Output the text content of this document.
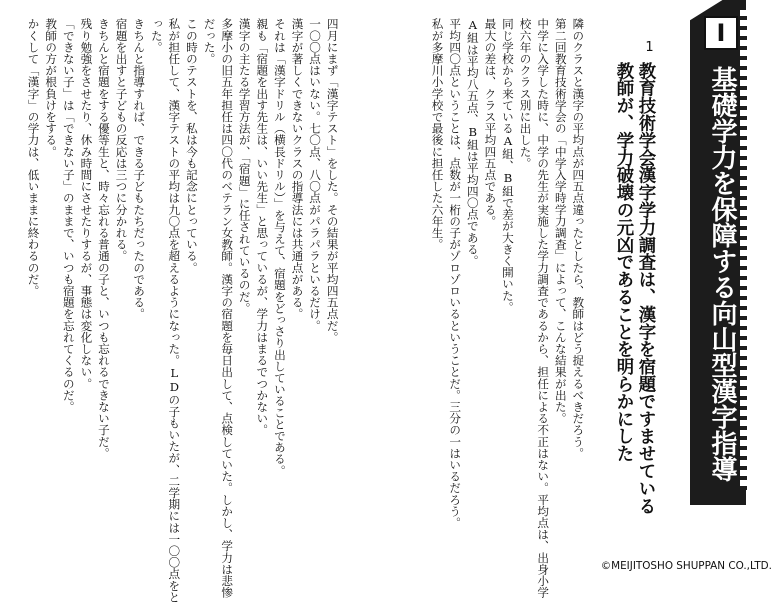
I
基礎学力を保障する向山型漢字指導
1
教育技術学会漢字学力調査は、漢字を宿題ですませている
教師が、学力破壊の元凶であることを明らかにした
隣のクラスと漢字の平均点が四五点違ったとしたら、教師はどう捉えるべきだろう。
第二回教育技術学会の「中学入学時学力調査」によって、こんな結果が出た。
中学に入学した時に、中学の先生が実施した学力調査であるから、担任による不正はない。平均点は、出身小学
校六年のクラス別に出した。
同じ学校から来ているA組、B組で差が大きく開いた。
最大の差は、クラス平均四五点である。
A組は平均八五点、B組は平均四〇点である。
平均四〇点ということは、点数が一桁の子がゾロゾロいるということだ。三分の一はいるだろう。
私が多摩川小学校で最後に担任した六年生。
四月にまず「漢字テスト」をした。その結果が平均四五点だ。
一〇〇点はいない。七〇点、八〇点がパラパラといるだけ。
漢字が著しくできないクラスの指導法には共通点がある。
それは「漢字ドリル（横長ドリル）」を与えて、宿題をどっさり出していることである。
親も「宿題を出す先生は、いい先生」と思っているが、学力はまるでつかない。
漢字の主たる学習方法が、「宿題」に任されているのだ。
多摩小の旧五年担任は四〇代のベテラン女教師。漢字の宿題を毎日出して、点検していた。しかし、学力は悲惨
だった。
この時のテストを、私は今も記念にとっている。
私が担任して、漢字テストの平均は九〇点を超えるようになった。LDの子もいたが、二学期には一〇〇点をと
った。
きちんと指導すれば、できる子どもたちだったのである。
宿題を出すと子どもの反応は三つに分かれる。
きちんと宿題をする優等生と、時々忘れる普通の子と、いつも忘れるできない子だ。
残り勉強をさせたり、休み時間にさせたりするが、事態は変化しない。
「できない子」は「できない子」のままで、いつも宿題を忘れてくるのだ。
教師の方が根負けをする。
かくして「漢字」の学力は、低いままに終わるのだ。
©MEIJITOSHO SHUPPAN CO.,LTD.
